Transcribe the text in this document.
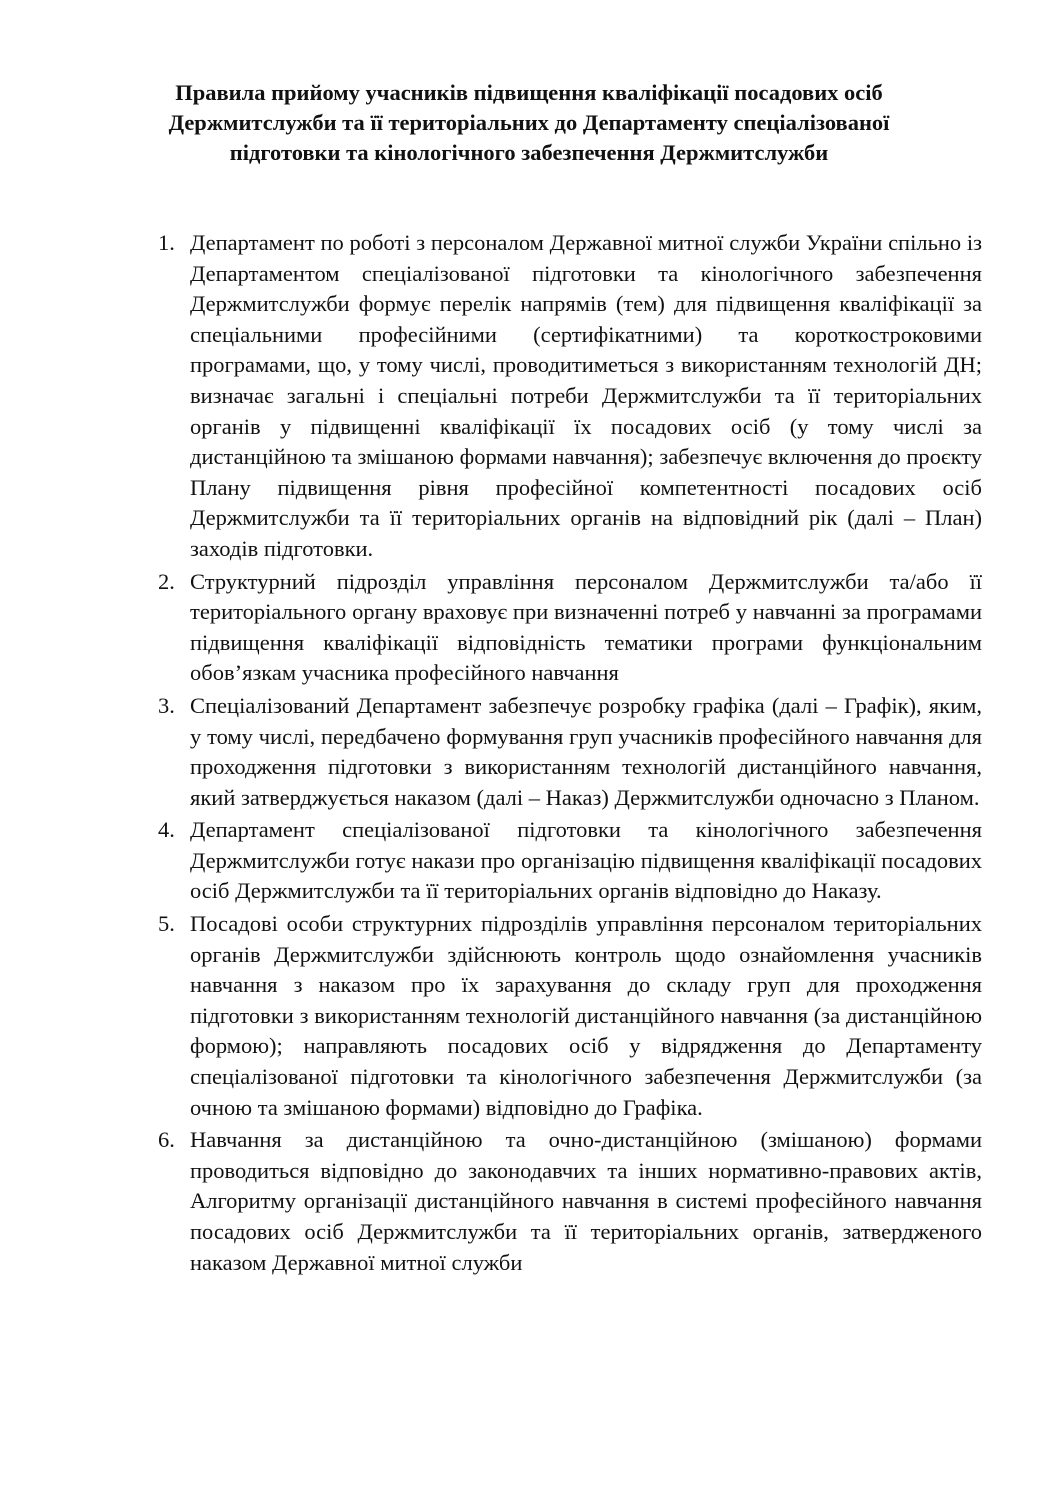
Правила прийому учасників підвищення кваліфікації посадових осіб
Держмитслужби та її територіальних до Департаменту спеціалізованої
підготовки та кінологічного забезпечення Держмитслужби
1. Департамент по роботі з персоналом Державної митної служби України спільно із Департаментом спеціалізованої підготовки та кінологічного забезпечення Держмитслужби формує перелік напрямів (тем) для підвищення кваліфікації за спеціальними професійними (сертифікатними) та короткостроковими програмами, що, у тому числі, проводитиметься з використанням технологій ДН; визначає загальні і спеціальні потреби Держмитслужби та її територіальних органів у підвищенні кваліфікації їх посадових осіб (у тому числі за дистанційною та змішаною формами навчання); забезпечує включення до проєкту Плану підвищення рівня професійної компетентності посадових осіб Держмитслужби та її територіальних органів на відповідний рік (далі – План) заходів підготовки.
2. Структурний підрозділ управління персоналом Держмитслужби та/або її територіального органу враховує при визначенні потреб у навчанні за програмами підвищення кваліфікації відповідність тематики програми функціональним обов’язкам учасника професійного навчання
3. Спеціалізований Департамент забезпечує розробку графіка (далі – Графік), яким, у тому числі, передбачено формування груп учасників професійного навчання для проходження підготовки з використанням технологій дистанційного навчання, який затверджується наказом (далі – Наказ) Держмитслужби одночасно з Планом.
4. Департамент спеціалізованої підготовки та кінологічного забезпечення Держмитслужби готує накази про організацію підвищення кваліфікації посадових осіб Держмитслужби та її територіальних органів відповідно до Наказу.
5. Посадові особи структурних підрозділів управління персоналом територіальних органів Держмитслужби здійснюють контроль щодо ознайомлення учасників навчання з наказом про їх зарахування до складу груп для проходження підготовки з використанням технологій дистанційного навчання (за дистанційною формою); направляють посадових осіб у відрядження до Департаменту спеціалізованої підготовки та кінологічного забезпечення Держмитслужби (за очною та змішаною формами) відповідно до Графіка.
6. Навчання за дистанційною та очно-дистанційною (змішаною) формами проводиться відповідно до законодавчих та інших нормативно-правових актів, Алгоритму організації дистанційного навчання в системі професійного навчання посадових осіб Держмитслужби та її територіальних органів, затвердженого наказом Державної митної служби
